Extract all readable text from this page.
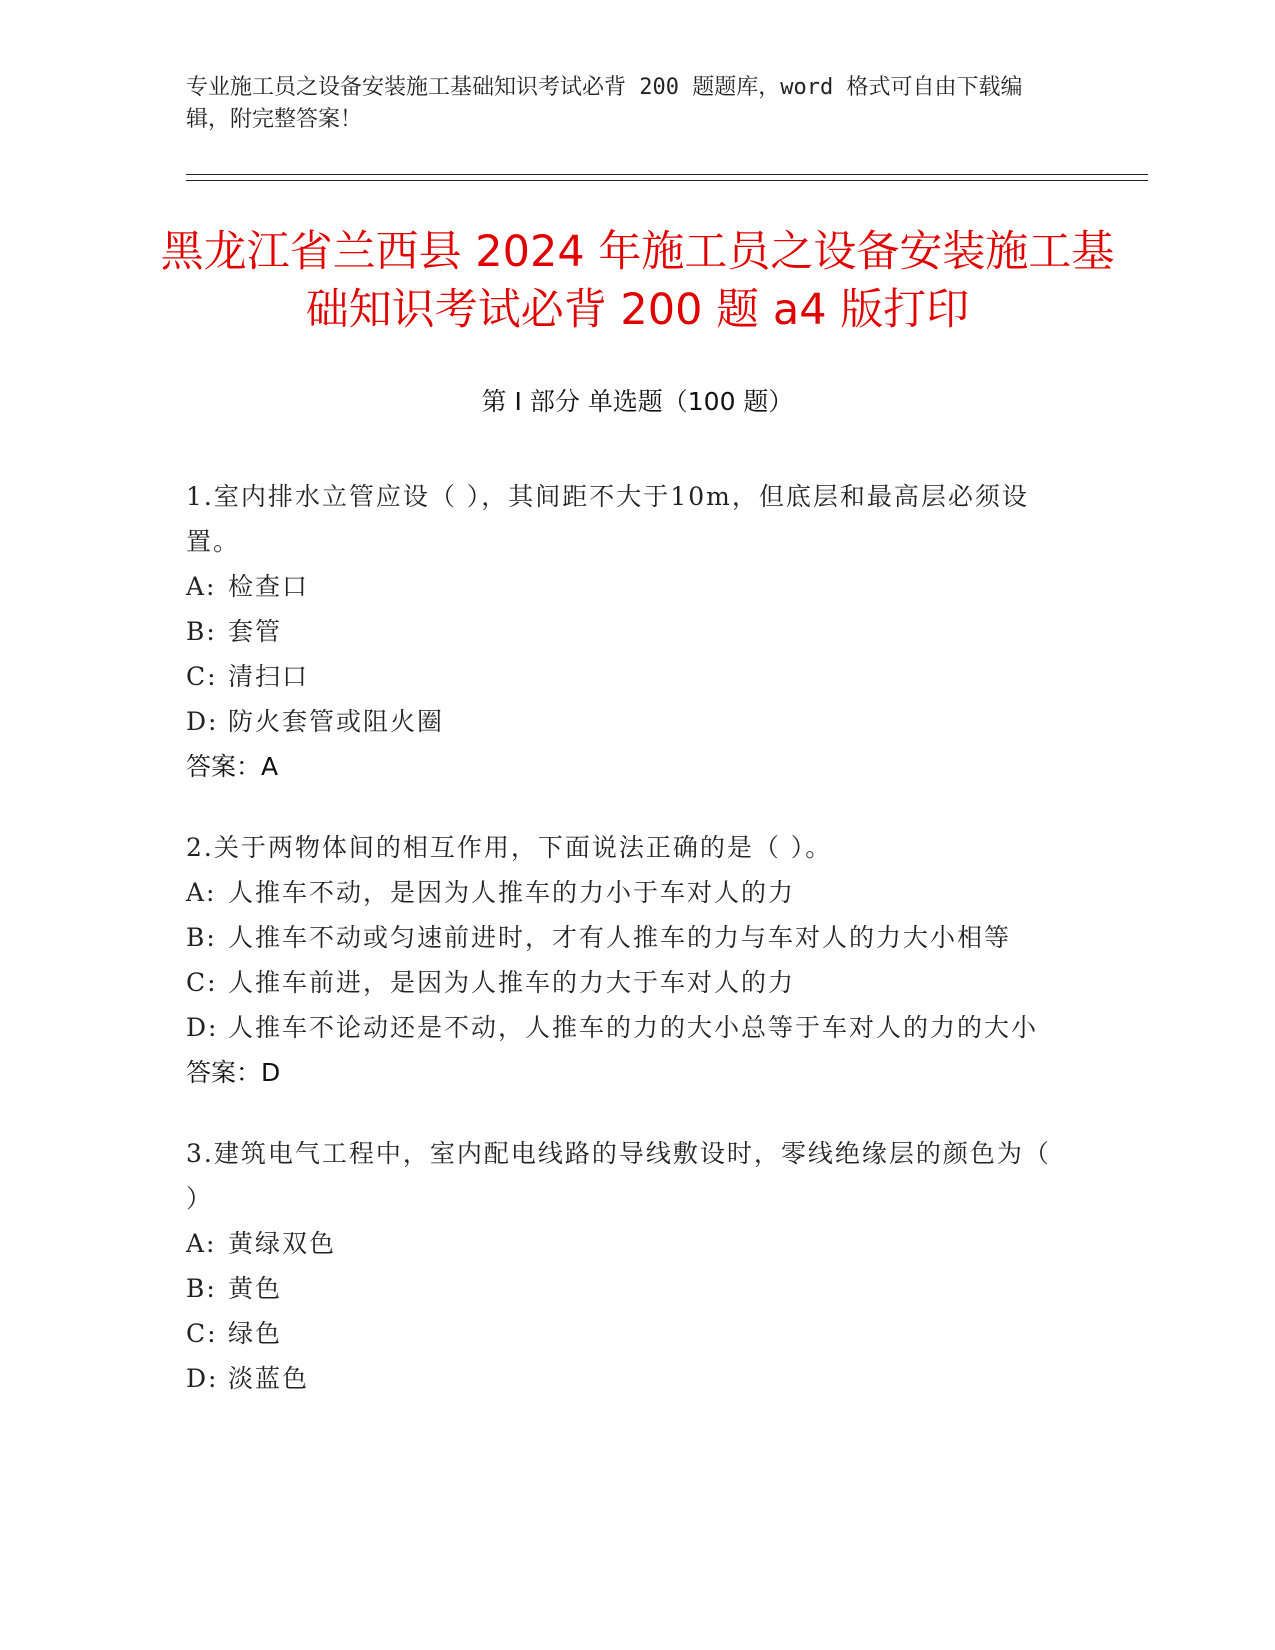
专业施工员之设备安装施工基础知识考试必背 200 题题库，word 格式可自由下载编辑，附完整答案！
黑龙江省兰西县 2024 年施工员之设备安装施工基础知识考试必背 200 题 a4 版打印
第 I 部分 单选题（100 题）

1.室内排水立管应设（ ），其间距不大于10m，但底层和最高层必须设置。

A: 检查口

B: 套管

C: 清扫口

D: 防火套管或阻火圈

答案：A

2.关于两物体间的相互作用，下面说法正确的是（ ）。

A: 人推车不动，是因为人推车的力小于车对人的力

B: 人推车不动或匀速前进时，才有人推车的力与车对人的力大小相等

C: 人推车前进，是因为人推车的力大于车对人的力

D: 人推车不论动还是不动，人推车的力的大小总等于车对人的力的大小

答案：D

3.建筑电气工程中，室内配电线路的导线敷设时，零线绝缘层的颜色为（ ）

A: 黄绿双色

B: 黄色

C: 绿色

D: 淡蓝色
